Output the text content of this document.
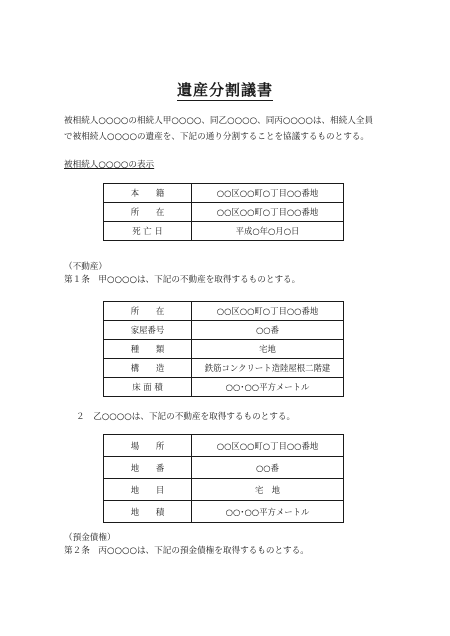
遺産分割議書
被相続人○○○○の相続人甲○○○○、同乙○○○○、同丙○○○○は、相続人全員
で被相続人○○○○の遺産を、下記の通り分割することを協議するものとする。
被相続人○○○○の表示
本　　籍	○○区○○町○丁目○○番地
所　　在	○○区○○町○丁目○○番地
死 亡 日	平成○年○月○日
（不動産）
第１条　甲○○○○は、下記の不動産を取得するものとする。
所　　在	○○区○○町○丁目○○番地
家屋番号	○○番
種　　類	宅地
構　　造	鉄筋コンクリート造陸屋根二階建
床 面 積	○○･○○平方メートル
２　乙○○○○は、下記の不動産を取得するものとする。
場　　所	○○区○○町○丁目○○番地
地　　番	○○番
地　　目	宅　地
地　　積	○○･○○平方メートル
（預金債権）
第２条　丙○○○○は、下記の預金債権を取得するものとする。
